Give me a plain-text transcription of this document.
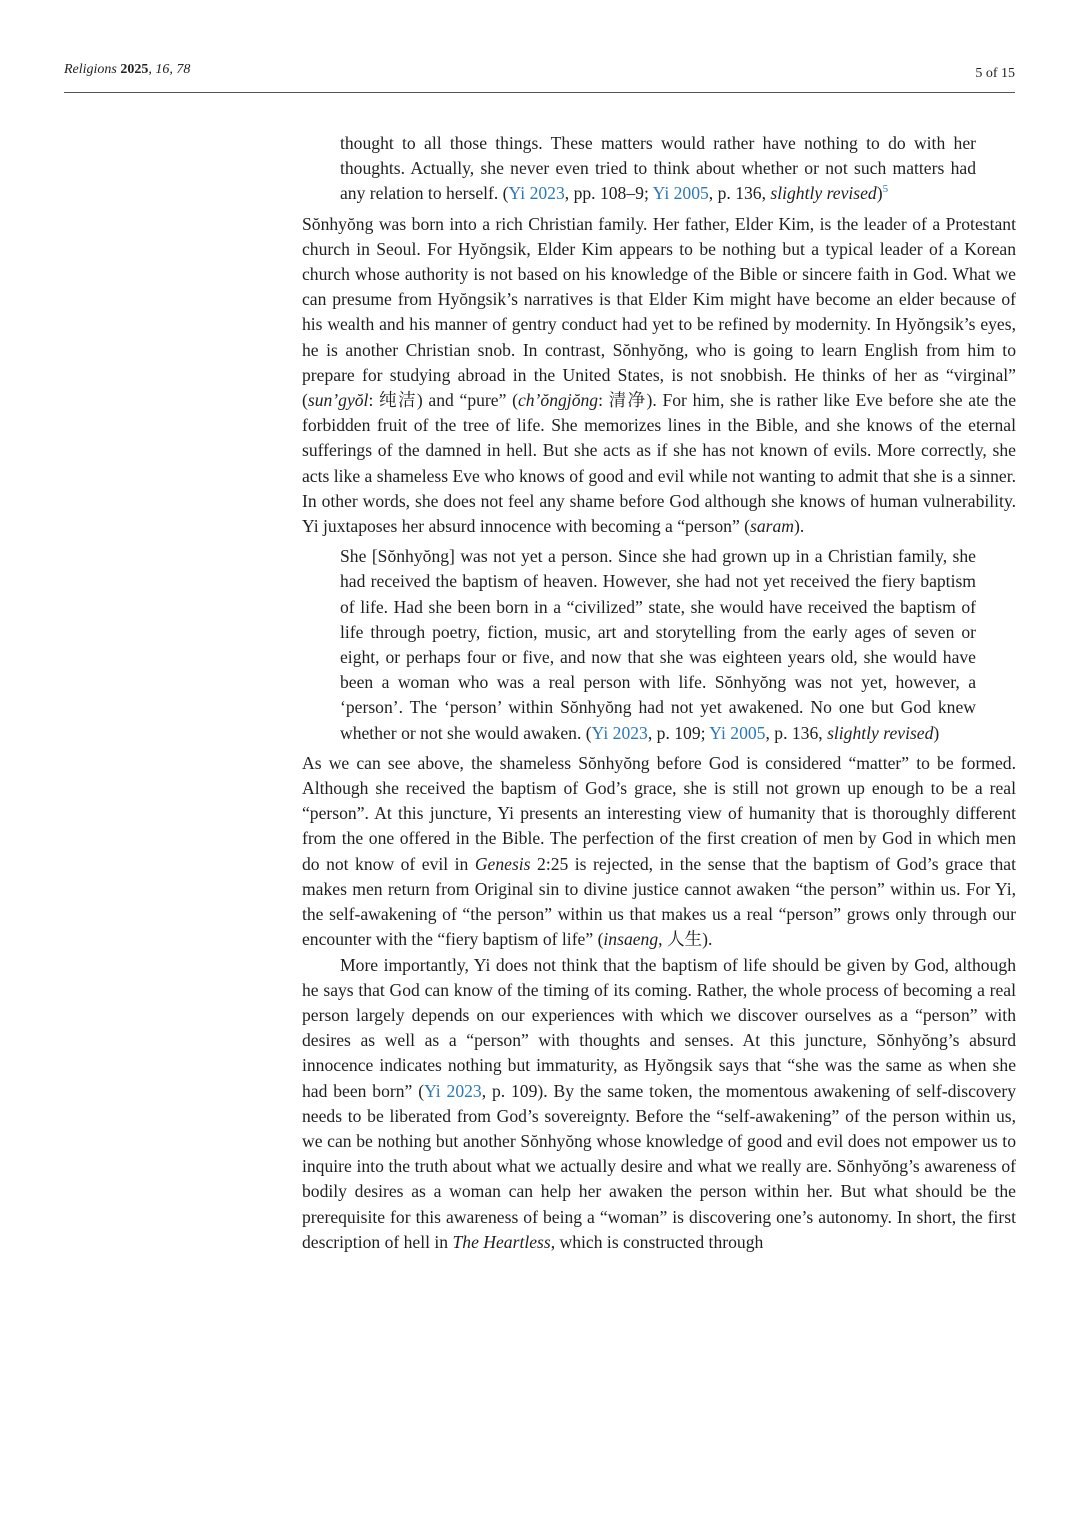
Religions 2025, 16, 78	5 of 15

thought to all those things. These matters would rather have nothing to do with her thoughts. Actually, she never even tried to think about whether or not such matters had any relation to herself. (Yi 2023, pp. 108–9; Yi 2005, p. 136, slightly revised)$^5$

Sŏnhyŏng was born into a rich Christian family. Her father, Elder Kim, is the leader of a Protestant church in Seoul. For Hyŏngsik, Elder Kim appears to be nothing but a typical leader of a Korean church whose authority is not based on his knowledge of the Bible or sincere faith in God. What we can presume from Hyŏngsik’s narratives is that Elder Kim might have become an elder because of his wealth and his manner of gentry conduct had yet to be refined by modernity. In Hyŏngsik’s eyes, he is another Christian snob. In contrast, Sŏnhyŏng, who is going to learn English from him to prepare for studying abroad in the United States, is not snobbish. He thinks of her as “virginal” (sun’gyŏl: 纯洁) and “pure” (ch’ŏngjŏng: 清净). For him, she is rather like Eve before she ate the forbidden fruit of the tree of life. She memorizes lines in the Bible, and she knows of the eternal sufferings of the damned in hell. But she acts as if she has not known of evils. More correctly, she acts like a shameless Eve who knows of good and evil while not wanting to admit that she is a sinner. In other words, she does not feel any shame before God although she knows of human vulnerability. Yi juxtaposes her absurd innocence with becoming a “person” (saram).

She [Sŏnhyŏng] was not yet a person. Since she had grown up in a Christian family, she had received the baptism of heaven. However, she had not yet received the fiery baptism of life. Had she been born in a “civilized” state, she would have received the baptism of life through poetry, fiction, music, art and storytelling from the early ages of seven or eight, or perhaps four or five, and now that she was eighteen years old, she would have been a woman who was a real person with life. Sŏnhyŏng was not yet, however, a ‘person’. The ‘person’ within Sŏnhyŏng had not yet awakened. No one but God knew whether or not she would awaken. (Yi 2023, p. 109; Yi 2005, p. 136, slightly revised)

As we can see above, the shameless Sŏnhyŏng before God is considered “matter” to be formed. Although she received the baptism of God’s grace, she is still not grown up enough to be a real “person”. At this juncture, Yi presents an interesting view of humanity that is thoroughly different from the one offered in the Bible. The perfection of the first creation of men by God in which men do not know of evil in Genesis 2:25 is rejected, in the sense that the baptism of God’s grace that makes men return from Original sin to divine justice cannot awaken “the person” within us. For Yi, the self-awakening of “the person” within us that makes us a real “person” grows only through our encounter with the “fiery baptism of life” (insaeng, 人生).

More importantly, Yi does not think that the baptism of life should be given by God, although he says that God can know of the timing of its coming. Rather, the whole process of becoming a real person largely depends on our experiences with which we discover ourselves as a “person” with desires as well as a “person” with thoughts and senses. At this juncture, Sŏnhyŏng’s absurd innocence indicates nothing but immaturity, as Hyŏngsik says that “she was the same as when she had been born” (Yi 2023, p. 109). By the same token, the momentous awakening of self-discovery needs to be liberated from God’s sovereignty. Before the “self-awakening” of the person within us, we can be nothing but another Sŏnhyŏng whose knowledge of good and evil does not empower us to inquire into the truth about what we actually desire and what we really are. Sŏnhyŏng’s awareness of bodily desires as a woman can help her awaken the person within her. But what should be the prerequisite for this awareness of being a “woman” is discovering one’s autonomy. In short, the first description of hell in The Heartless, which is constructed through
